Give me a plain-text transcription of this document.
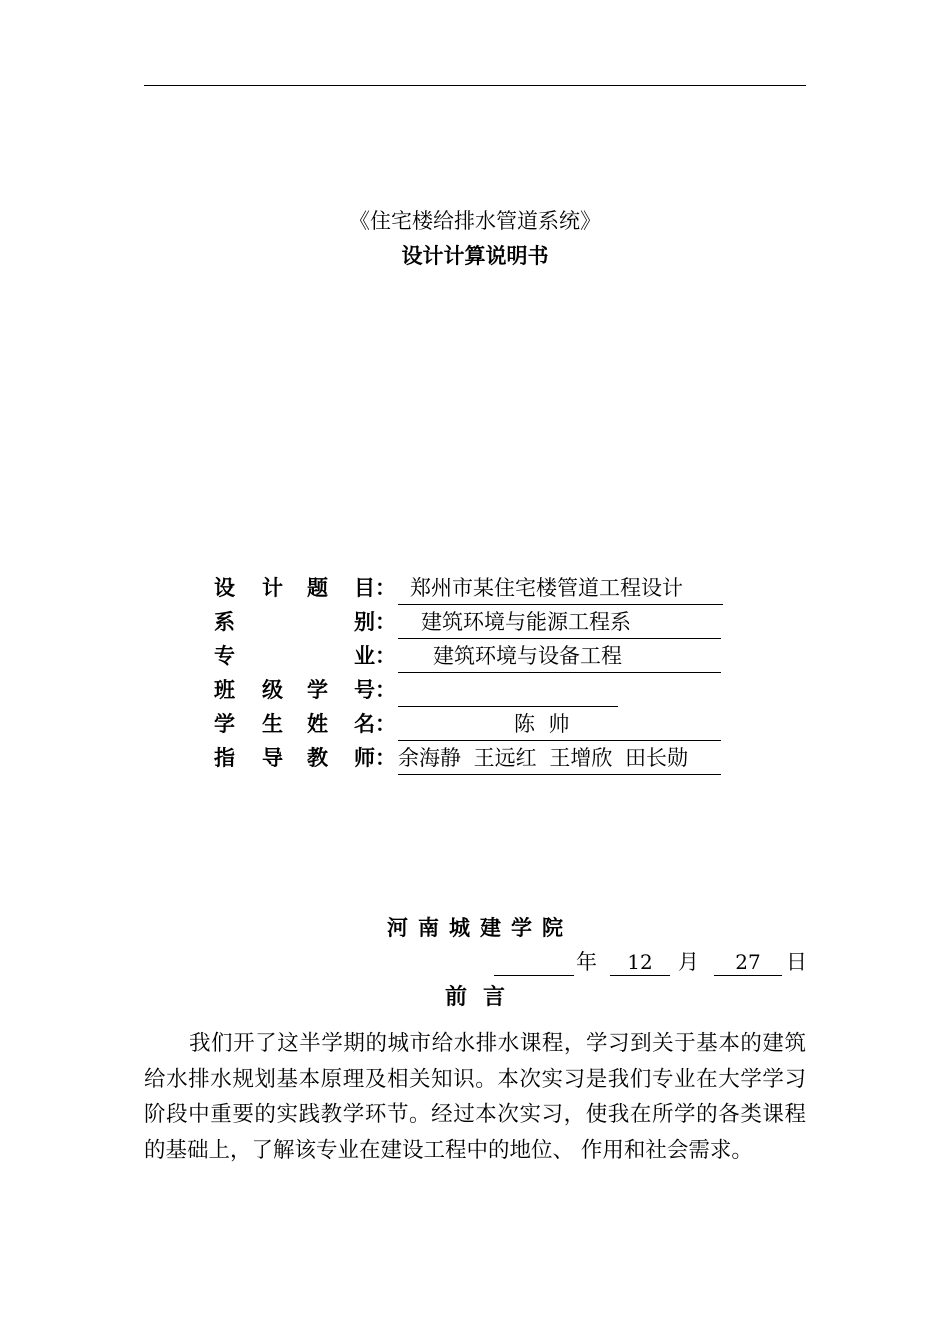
《住宅楼给排水管道系统》
设计计算说明书
设 计 题 目 ： 郑州市某住宅楼管道工程设计
系	别 ：	建筑环境与能源工程系
专	业 ：	建筑环境与设备工程
班 级 学 号 ：
学 生 姓 名 ：	陈  帅
指 导 教 师 ： 余海静 王远红 王增欣 田长勋
河南城建学院
年	12	月	27	日
前言
我们开了这半学期的城市给水排水课程，学习到关于基本的建筑给水排水规划基本原理及相关知识。本次实习是我们专业在大学学习阶段中重要的实践教学环节。经过本次实习，使我在所学的各类课程的基础上，了解该专业在建设工程中的地位、 作用和社会需求。
